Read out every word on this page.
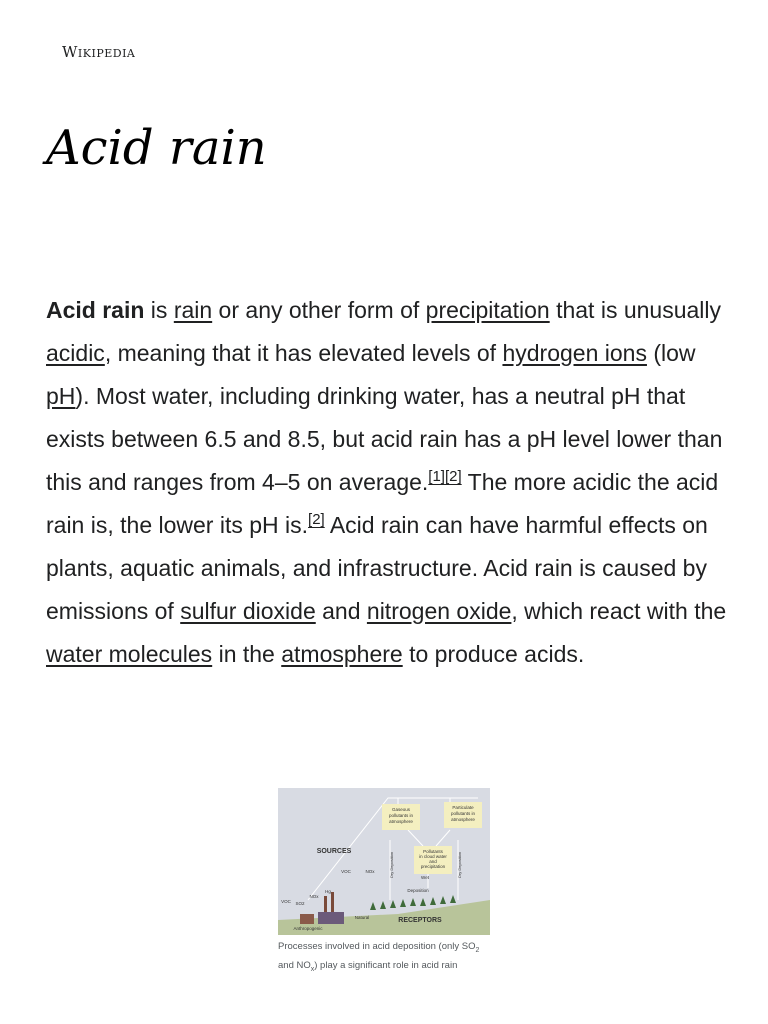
Wikipedia
Acid rain

Acid rain is rain or any other form of precipitation that is unusually acidic, meaning that it has elevated levels of hydrogen ions (low pH). Most water, including drinking water, has a neutral pH that exists between 6.5 and 8.5, but acid rain has a pH level lower than this and ranges from 4–5 on average.[1][2] The more acidic the acid rain is, the lower its pH is.[2] Acid rain can have harmful effects on plants, aquatic animals, and infrastructure. Acid rain is caused by emissions of sulfur dioxide and nitrogen oxide, which react with the water molecules in the atmosphere to produce acids.

Gaseous
pollutants in
atmosphere
Particulate
pollutants in
atmosphere
Pollutants
in cloud water
and
precipitation
SOURCES
RECEPTORS
Dry Deposition	Dry Deposition
Wet
Deposition
VOC	NOx
Hg
NOx
VOC SO2
Natural
Anthropogenic
Processes involved in acid deposition (only $SO_2$ and $NO_x$) play a significant role in acid rain
